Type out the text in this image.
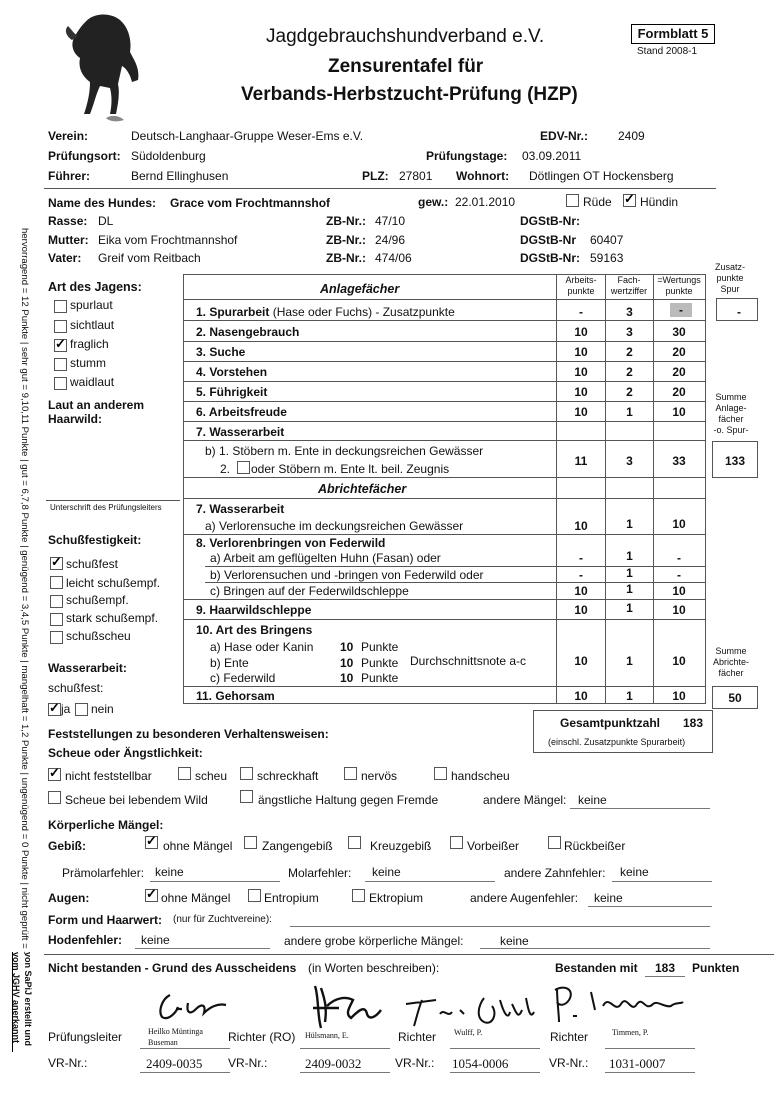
Jagdgebrauchshundverband e.V.
Zensurentafel für
Verbands-Herbstzucht-Prüfung (HZP)
Formblatt 5
Stand 2008-1
Verein:	Deutsch-Langhaar-Gruppe Weser-Ems e.V.	EDV-Nr.: 2409
Prüfungsort: Südoldenburg	Prüfungstage: 03.09.2011
Führer:	Bernd Ellinghusen	PLZ: 27801 Wohnort: Dötlingen OT Hockensberg
Name des Hundes: Grace vom Frochtmannshof	gew.: 22.01.2010	Rüde ✓ Hündin
Rasse: DL	ZB-Nr.: 47/10	DGStB-Nr:
Mutter: Eika vom Frochtmannshof	ZB-Nr.: 24/96	DGStB-Nr 60407
Vater: Greif vom Reitbach	ZB-Nr.: 474/06	DGStB-Nr: 59163
Art des Jagens:
spurlaut
sichtlaut
✓
fraglich
stumm
waidlaut
Laut an anderem
Haarwild:
Unterschrift des Prüfungsleiters
Schußfestigkeit:
✓
schußfest
leicht schußempf.
schußempf.
stark schußempf.
schußscheu
Wasserarbeit:
schußfest:
✓
ja nein
Anlagefächer
Arbeits-
punkte
Fach-
wertziffer
=Wertungs
punkte
Zusatz-
punkte
Spur
1. Spurarbeit (Hase oder Fuchs) - Zusatzpunkte	-	3	-	-
2. Nasengebrauch	10	3	30
3. Suche	10	2	20
4. Vorstehen	10	2	20
5. Führigkeit	10	2	20
6. Arbeitsfreude	10	1	10
7. Wasserarbeit
b) 1. Stöbern m. Ente in deckungsreichen Gewässer
2. oder Stöbern m. Ente lt. beil. Zeugnis
11	3	33
Summe
Anlage-
fächer
-o. Spur-
133
Abrichtefächer
7. Wasserarbeit
a) Verlorensuche im deckungsreichen Gewässer	10	1	10
8. Verlorenbringen von Federwild
a) Arbeit am geflügelten Huhn (Fasan) oder	-	1	-
b) Verlorensuchen und -bringen von Federwild oder	-	1	-
c) Bringen auf der Federwildschleppe	10	1	10
9. Haarwildschleppe	10	1	10
10. Art des Bringens
a) Hase oder Kanin 10 Punkte
b) Ente	10 Punkte Durchschnittsnote a-c
c) Federwild	10 Punkte
10	1	10
11. Gehorsam	10	1	10
Summe
Abrichte-
fächer
50
Gesamtpunktzahl 183
(einschl. Zusatzpunkte Spurarbeit)
Feststellungen zu besonderen Verhaltensweisen:
Scheue oder Ängstlichkeit:
✓
nicht feststellbar	scheu schreckhaft	nervös	handscheu
Scheue bei lebendem Wild	ängstliche Haltung gegen Fremde	andere Mängel: keine
Körperliche Mängel:
Gebiß: ✓	ohne Mängel Zangengebiß	Kreuzgebiß	Vorbeißer	Rückbeißer
Prämolarfehler: keine	Molarfehler: keine	andere Zahnfehler: keine
Augen: ✓	ohne Mängel	Entropium	Ektropium	andere Augenfehler: keine
Form und Haarwert: (nur für Zuchtvereine):
Hodenfehler: keine	andere grobe körperliche Mängel:	keine
Nicht bestanden - Grund des Ausscheidens (in Worten beschreiben):	Bestanden mit 183 Punkten
Prüfungsleiter	Heilko Müntinga
Buseman	Richter (RO) Hülsmann, E.	Richter Wulff, P.	Richter	Timmen, P.
VR-Nr.:	2409-0035 VR-Nr.:	2409-0032	VR-Nr.: 1054-0006	VR-Nr.: 1031-0007
hervorragend = 12 Punkte | sehr gut = 9,10,11 Punkte | gut = 6,7,8 Punkte | genügend = 3,4,5 Punkte | mangelhaft = 1,2 Punkte | ungenügend = 0 Punkte | nicht geprüft = -
von SaPiJ erstellt und vom JGHV anerkannt
